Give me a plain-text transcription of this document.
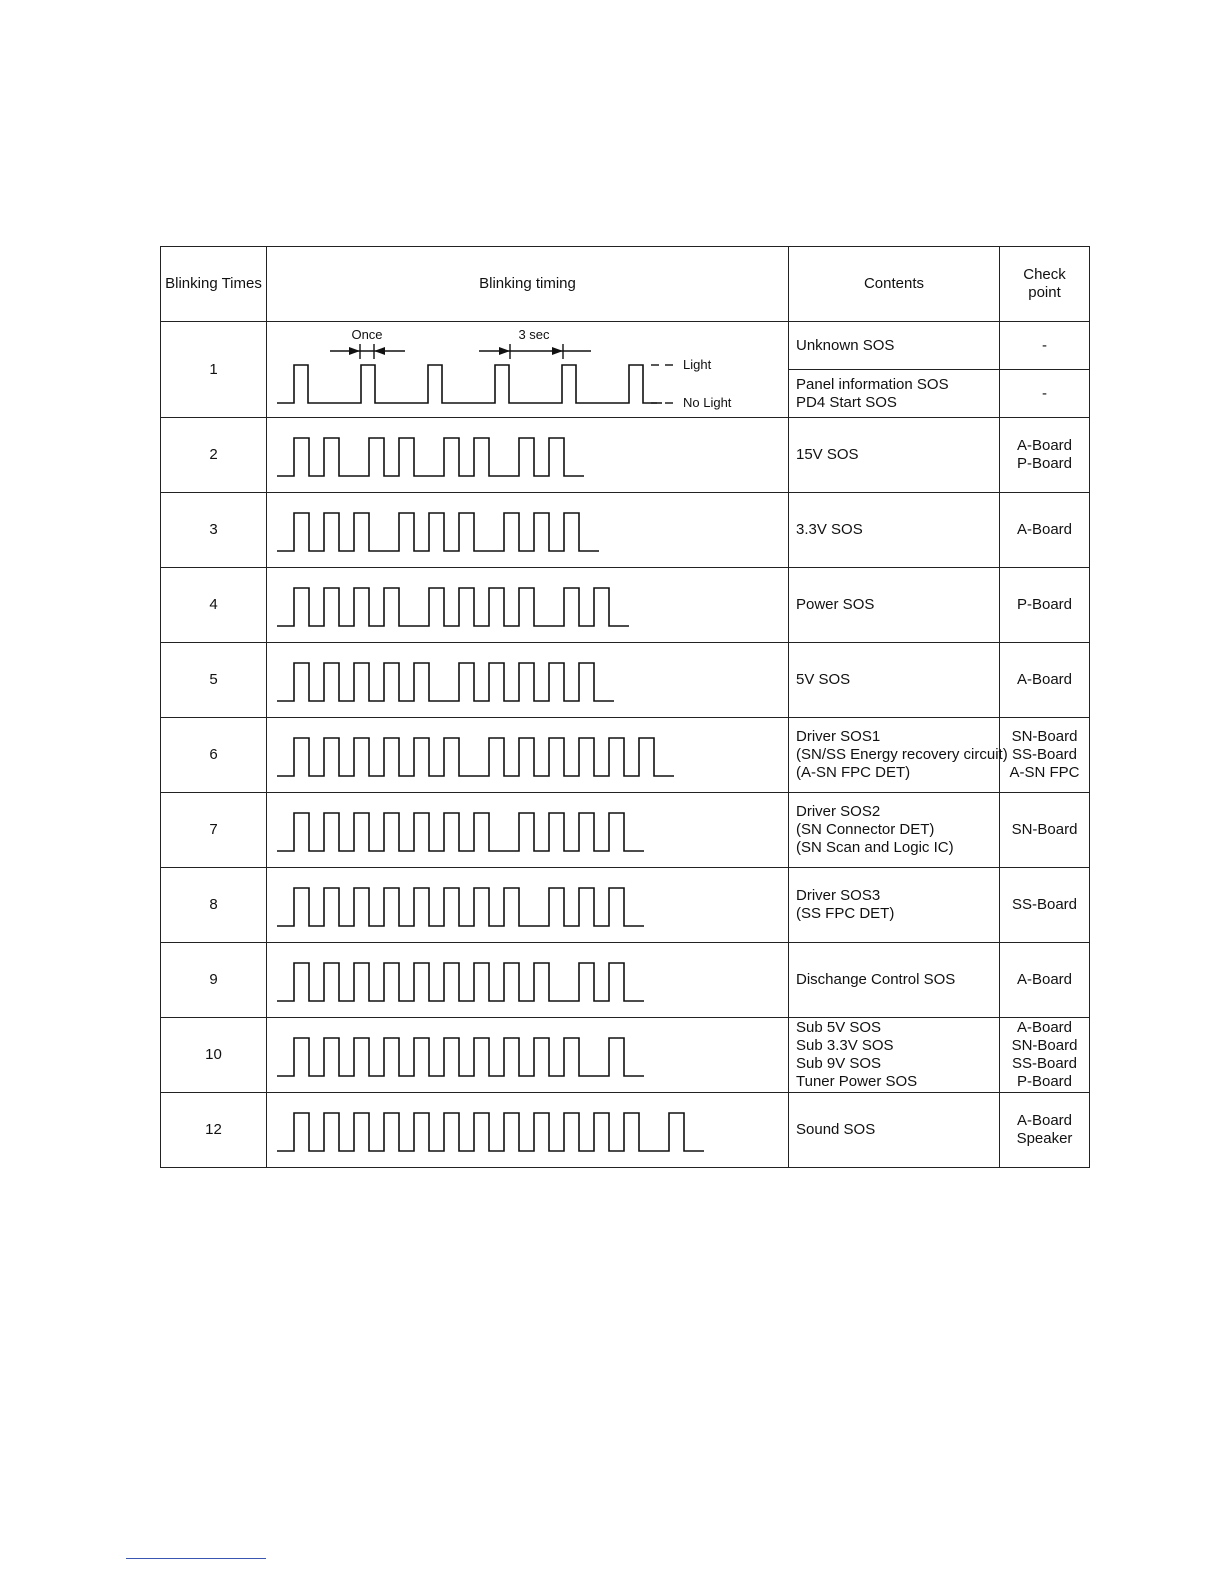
Blinking Times	Blinking timing	Contents	Check
point

1	Once 3 sec
Light
No Light	Unknown SOS	-

		Panel information SOS
PD4 Start SOS	-

2		15V SOS	A-Board
P-Board

3		3.3V SOS	A-Board

4		Power SOS	P-Board

5		5V SOS	A-Board

6		Driver SOS1
(SN/SS Energy recovery circuit)
(A-SN FPC DET)	SN-Board
SS-Board
A-SN FPC

7		Driver SOS2
(SN Connector DET)
(SN Scan and Logic IC)	SN-Board

8		Driver SOS3
(SS FPC DET)	SS-Board

9		Dischange Control SOS	A-Board

10		Sub 5V SOS
Sub 3.3V SOS
Sub 9V SOS
Tuner Power SOS	A-Board
SN-Board
SS-Board
P-Board

12		Sound SOS	A-Board
Speaker
